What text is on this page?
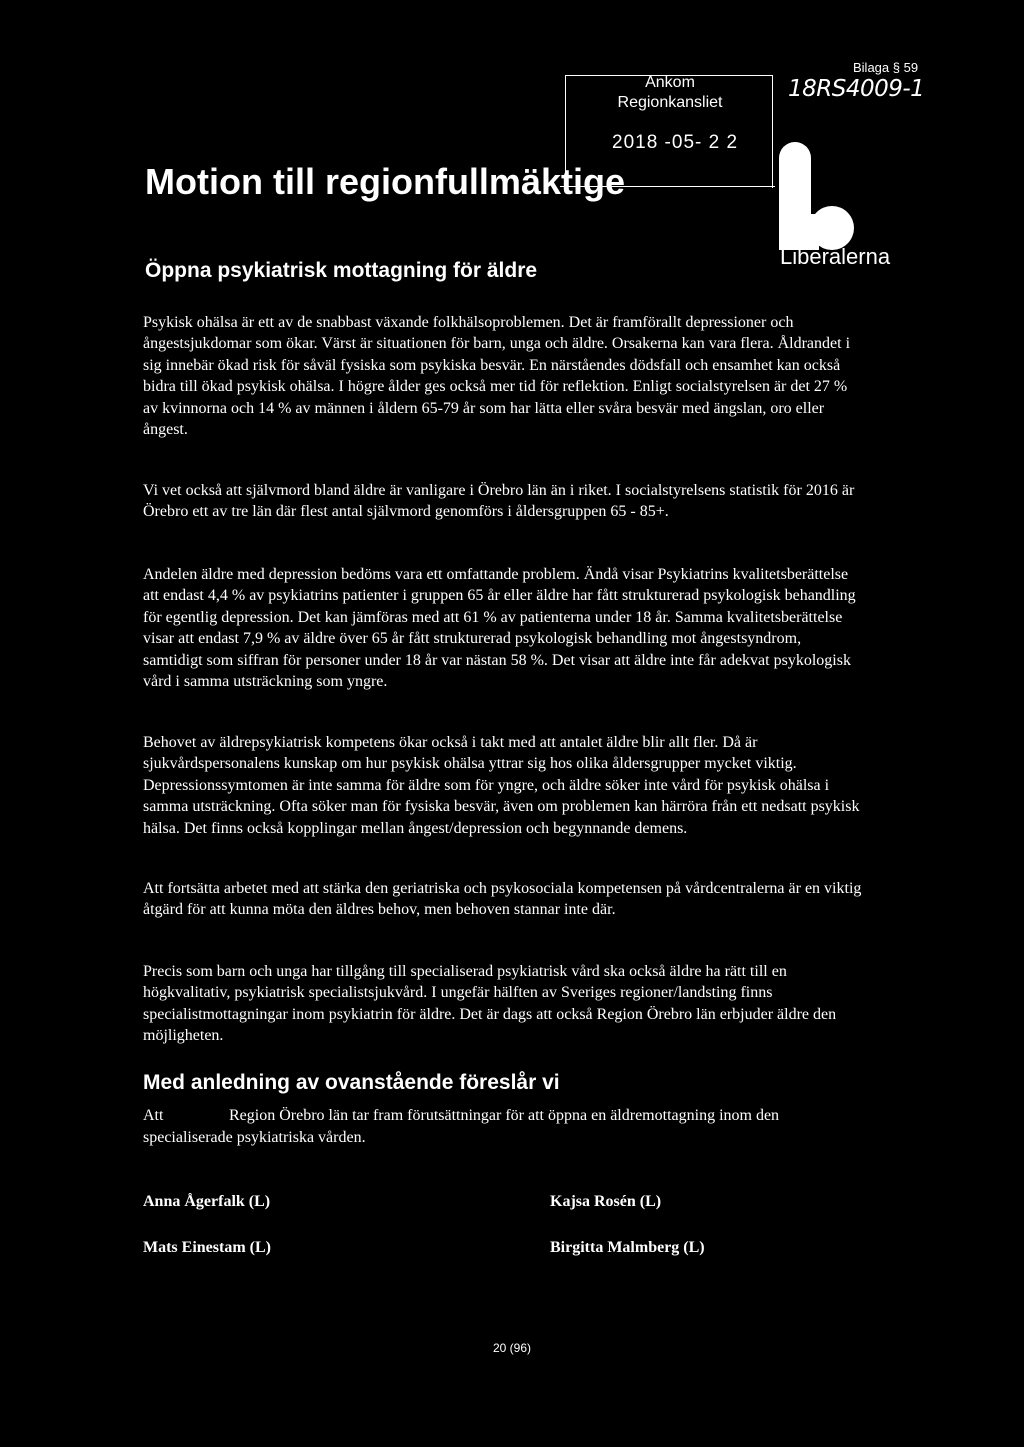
Ankom
Regionkansliet
2018 -05- 2 2
Bilaga § 59
18RS4009-1
Liberalerna
Motion till regionfullmäktige
Öppna psykiatrisk mottagning för äldre

Psykisk ohälsa är ett av de snabbast växande folkhälsoproblemen. Det är framförallt depressioner och ångestsjukdomar som ökar. Värst är situationen för barn, unga och äldre. Orsakerna kan vara flera. Åldrandet i sig innebär ökad risk för såväl fysiska som psykiska besvär. En närståendes dödsfall och ensamhet kan också bidra till ökad psykisk ohälsa. I högre ålder ges också mer tid för reflektion. Enligt socialstyrelsen är det 27 % av kvinnorna och 14 % av männen i åldern 65-79 år som har lätta eller svåra besvär med ängslan, oro eller ångest.

Vi vet också att självmord bland äldre är vanligare i Örebro län än i riket. I socialstyrelsens statistik för 2016 är Örebro ett av tre län där flest antal självmord genomförs i åldersgruppen 65 - 85+.

Andelen äldre med depression bedöms vara ett omfattande problem. Ändå visar Psykiatrins kvalitetsberättelse att endast 4,4 % av psykiatrins patienter i gruppen 65 år eller äldre har fått strukturerad psykologisk behandling för egentlig depression. Det kan jämföras med att 61 % av patienterna under 18 år. Samma kvalitetsberättelse visar att endast 7,9 % av äldre över 65 år fått strukturerad psykologisk behandling mot ångestsyndrom, samtidigt som siffran för personer under 18 år var nästan 58 %. Det visar att äldre inte får adekvat psykologisk vård i samma utsträckning som yngre.

Behovet av äldrepsykiatrisk kompetens ökar också i takt med att antalet äldre blir allt fler. Då är sjukvårdspersonalens kunskap om hur psykisk ohälsa yttrar sig hos olika åldersgrupper mycket viktig. Depressionssymtomen är inte samma för äldre som för yngre, och äldre söker inte vård för psykisk ohälsa i samma utsträckning. Ofta söker man för fysiska besvär, även om problemen kan härröra från ett nedsatt psykisk hälsa. Det finns också kopplingar mellan ångest/depression och begynnande demens.

Att fortsätta arbetet med att stärka den geriatriska och psykosociala kompetensen på vårdcentralerna är en viktig åtgärd för att kunna möta den äldres behov, men behoven stannar inte där.

Precis som barn och unga har tillgång till specialiserad psykiatrisk vård ska också äldre ha rätt till en högkvalitativ, psykiatrisk specialistsjukvård. I ungefär hälften av Sveriges regioner/landsting finns specialistmottagningar inom psykiatrin för äldre. Det är dags att också Region Örebro län erbjuder äldre den möjligheten.

Med anledning av ovanstående föreslår vi
Att	Region Örebro län tar fram förutsättningar för att öppna en äldremottagning inom den specialiserade psykiatriska vården.
Anna Ågerfalk (L)	Kajsa Rosén (L)
Mats Einestam (L)	Birgitta Malmberg (L)
20 (96)
